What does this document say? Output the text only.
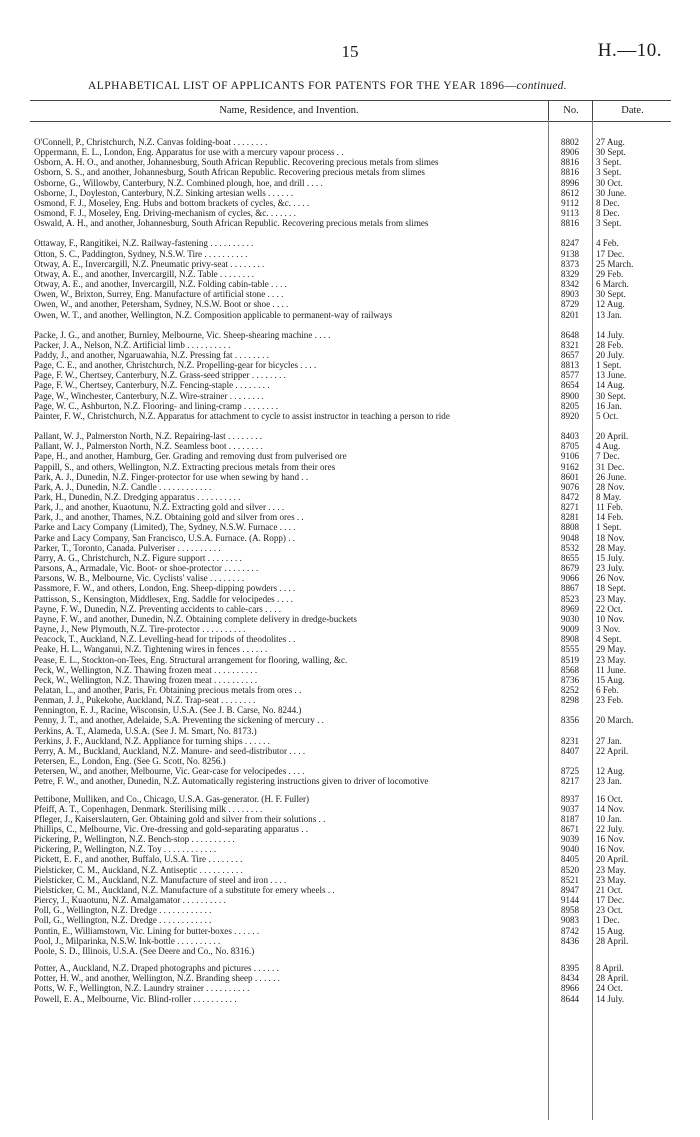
15	H.—10.
ALPHABETICAL LIST OF APPLICANTS FOR PATENTS FOR THE YEAR 1896—continued.
Name, Residence, and Invention.	No.	Date.
O'Connell, P., Christchurch, N.Z. Canvas folding-boat . . . . . . . .	8802	27 Aug.
Oppermann, E. L., London, Eng. Apparatus for use with a mercury vapour process . .	8906	30 Sept.
Osborn, A. H. O., and another, Johannesburg, South African Republic. Recovering precious metals from slimes	8816	3 Sept.
Osborn, S. S., and another, Johannesburg, South African Republic. Recovering precious metals from slimes	8816	3 Sept.
Osborne, G., Willowby, Canterbury, N.Z. Combined plough, hoe, and drill . . . .	8996	30 Oct.
Osborne, J., Doyleston, Canterbury, N.Z. Sinking artesian wells . . . . . .	8612	30 June.
Osmond, F. J., Moseley, Eng. Hubs and bottom brackets of cycles, &c. . . . .	9112	8 Dec.
Osmond, F. J., Moseley, Eng. Driving-mechanism of cycles, &c. . . . . . .	9113	8 Dec.
Oswald, A. H., and another, Johannesburg, South African Republic. Recovering precious metals from slimes	8816	3 Sept.
Ottaway, F., Rangitikei, N.Z. Railway-fastening . . . . . . . . . .	8247	4 Feb.
Otton, S. C., Paddington, Sydney, N.S.W. Tire . . . . . . . . . .	9138	17 Dec.
Otway, A. E., Invercargill, N.Z. Pneumatic privy-seat . . . . . . . .	8373	25 March.
Otway, A. E., and another, Invercargill, N.Z. Table . . . . . . . .	8329	29 Feb.
Otway, A. E., and another, Invercargill, N.Z. Folding cabin-table . . . .	8342	6 March.
Owen, W., Brixton, Surrey, Eng. Manufacture of artificial stone . . . .	8903	30 Sept.
Owen, W., and another, Petersham, Sydney, N.S.W. Boot or shoe . . . .	8729	12 Aug.
Owen, W. T., and another, Wellington, N.Z. Composition applicable to permanent-way of railways	8201	13 Jan.
Packe, J. G., and another, Burnley, Melbourne, Vic. Sheep-shearing machine . . . .	8648	14 July.
Packer, J. A., Nelson, N.Z. Artificial limb . . . . . . . . . .	8321	28 Feb.
Paddy, J., and another, Ngaruawahia, N.Z. Pressing fat . . . . . . . .	8657	20 July.
Page, C. E., and another, Christchurch, N.Z. Propelling-gear for bicycles . . . .	8813	1 Sept.
Page, F. W., Chertsey, Canterbury, N.Z. Grass-seed stripper . . . . . . . .	8577	13 June.
Page, F. W., Chertsey, Canterbury, N.Z. Fencing-staple . . . . . . . .	8654	14 Aug.
Page, W., Winchester, Canterbury, N.Z. Wire-strainer . . . . . . . .	8900	30 Sept.
Page, W. C., Ashburton, N.Z. Flooring- and lining-cramp . . . . . . . .	8205	16 Jan.
Painter, F. W., Christchurch, N.Z. Apparatus for attachment to cycle to assist instructor in teaching a person to ride	8920	5 Oct.
Pallant, W. J., Palmerston North, N.Z. Repairing-last . . . . . . . .	8403	20 April.
Pallant, W. J., Palmerston North, N.Z. Seamless boot . . . . . . . .	8705	4 Aug.
Pape, H., and another, Hamburg, Ger. Grading and removing dust from pulverised ore	9106	7 Dec.
Pappill, S., and others, Wellington, N.Z. Extracting precious metals from their ores	9162	31 Dec.
Park, A. J., Dunedin, N.Z. Finger-protector for use when sewing by hand . .	8601	26 June.
Park, A. J., Dunedin, N.Z. Candle . . . . . . . . . . . .	9076	28 Nov.
Park, H., Dunedin, N.Z. Dredging apparatus . . . . . . . . . .	8472	8 May.
Park, J., and another, Kuaotunu, N.Z. Extracting gold and silver . . . .	8271	11 Feb.
Park, J., and another, Thames, N.Z. Obtaining gold and silver from ores . .	8281	14 Feb.
Parke and Lacy Company (Limited), The, Sydney, N.S.W. Furnace . . . .	8808	1 Sept.
Parke and Lacy Company, San Francisco, U.S.A. Furnace. (A. Ropp) . .	9048	18 Nov.
Parker, T., Toronto, Canada. Pulveriser . . . . . . . . . .	8532	28 May.
Parry, A. G., Christchurch, N.Z. Figure support . . . . . . . .	8655	15 July.
Parsons, A., Armadale, Vic. Boot- or shoe-protector . . . . . . . .	8679	23 July.
Parsons, W. B., Melbourne, Vic. Cyclists' valise . . . . . . . .	9066	26 Nov.
Passmore, F. W., and others, London, Eng. Sheep-dipping powders . . . .	8867	18 Sept.
Pattisson, S., Kensington, Middlesex, Eng. Saddle for velocipedes . . . .	8523	23 May.
Payne, F. W., Dunedin, N.Z. Preventing accidents to cable-cars . . . .	8969	22 Oct.
Payne, F. W., and another, Dunedin, N.Z. Obtaining complete delivery in dredge-buckets	9030	10 Nov.
Payne, J., New Plymouth, N.Z. Tire-protector . . . . . . . . . .	9009	3 Nov.
Peacock, T., Auckland, N.Z. Levelling-head for tripods of theodolites . .	8908	4 Sept.
Peake, H. L., Wanganui, N.Z. Tightening wires in fences . . . . . .	8555	29 May.
Pease, E. L., Stockton-on-Tees, Eng. Structural arrangement for flooring, walling, &c.	8519	23 May.
Peck, W., Wellington, N.Z. Thawing frozen meat . . . . . . . . . .	8568	11 June.
Peck, W., Wellington, N.Z. Thawing frozen meat . . . . . . . . . .	8736	15 Aug.
Pelatan, L., and another, Paris, Fr. Obtaining precious metals from ores . .	8252	6 Feb.
Penman, J. J., Pukekohe, Auckland, N.Z. Trap-seat . . . . . . . .	8298	23 Feb.
Pennington, E. J., Racine, Wisconsin, U.S.A. (See J. B. Carse, No. 8244.)
Penny, J. T., and another, Adelaide, S.A. Preventing the sickening of mercury . .	8356	20 March.
Perkins, A. T., Alameda, U.S.A. (See J. M. Smart, No. 8173.)
Perkins, J. F., Auckland, N.Z. Appliance for turning ships . . . . . .	8231	27 Jan.
Perry, A. M., Buckland, Auckland, N.Z. Manure- and seed-distributor . . . .	8407	22 April.
Petersen, E., London, Eng. (See G. Scott, No. 8256.)
Petersen, W., and another, Melbourne, Vic. Gear-case for velocipedes . . . .	8725	12 Aug.
Petre, F. W., and another, Dunedin, N.Z. Automatically registering instructions given to driver of locomotive	8217	23 Jan.
Pettibone, Mulliken, and Co., Chicago, U.S.A. Gas-generator. (H. F. Fuller)	8937	16 Oct.
Pfeiff, A. T., Copenhagen, Denmark. Sterilising milk . . . . . . . .	9037	14 Nov.
Pfleger, J., Kaiserslautern, Ger. Obtaining gold and silver from their solutions . .	8187	10 Jan.
Phillips, C., Melbourne, Vic. Ore-dressing and gold-separating apparatus . .	8671	22 July.
Pickering, P., Wellington, N.Z. Bench-stop . . . . . . . . . .	9039	16 Nov.
Pickering, P., Wellington, N.Z. Toy . . . . . . . . . . . .	9040	16 Nov.
Pickett, E. F., and another, Buffalo, U.S.A. Tire . . . . . . . .	8405	20 April.
Pielsticker, C. M., Auckland, N.Z. Antiseptic . . . . . . . . . .	8520	23 May.
Pielsticker, C. M., Auckland, N.Z. Manufacture of steel and iron . . . .	8521	23 May.
Pielsticker, C. M., Auckland, N.Z. Manufacture of a substitute for emery wheels . .	8947	21 Oct.
Piercy, J., Kuaotunu, N.Z. Amalgamator . . . . . . . . . .	9144	17 Dec.
Poll, G., Wellington, N.Z. Dredge . . . . . . . . . . . .	8958	23 Oct.
Poll, G., Wellington, N.Z. Dredge . . . . . . . . . . . .	9083	1 Dec.
Pontin, E., Williamstown, Vic. Lining for butter-boxes . . . . . .	8742	15 Aug.
Pool, J., Milparinka, N.S.W. Ink-bottle . . . . . . . . . .	8436	28 April.
Poole, S. D., Illinois, U.S.A. (See Deere and Co., No. 8316.)
Potter, A., Auckland, N.Z. Draped photographs and pictures . . . . . .	8395	8 April.
Potter, H. W., and another, Wellington, N.Z. Branding sheep . . . . . .	8434	28 April.
Potts, W. F., Wellington, N.Z. Laundry strainer . . . . . . . . . .	8966	24 Oct.
Powell, E. A., Melbourne, Vic. Blind-roller . . . . . . . . . .	8644	14 July.
